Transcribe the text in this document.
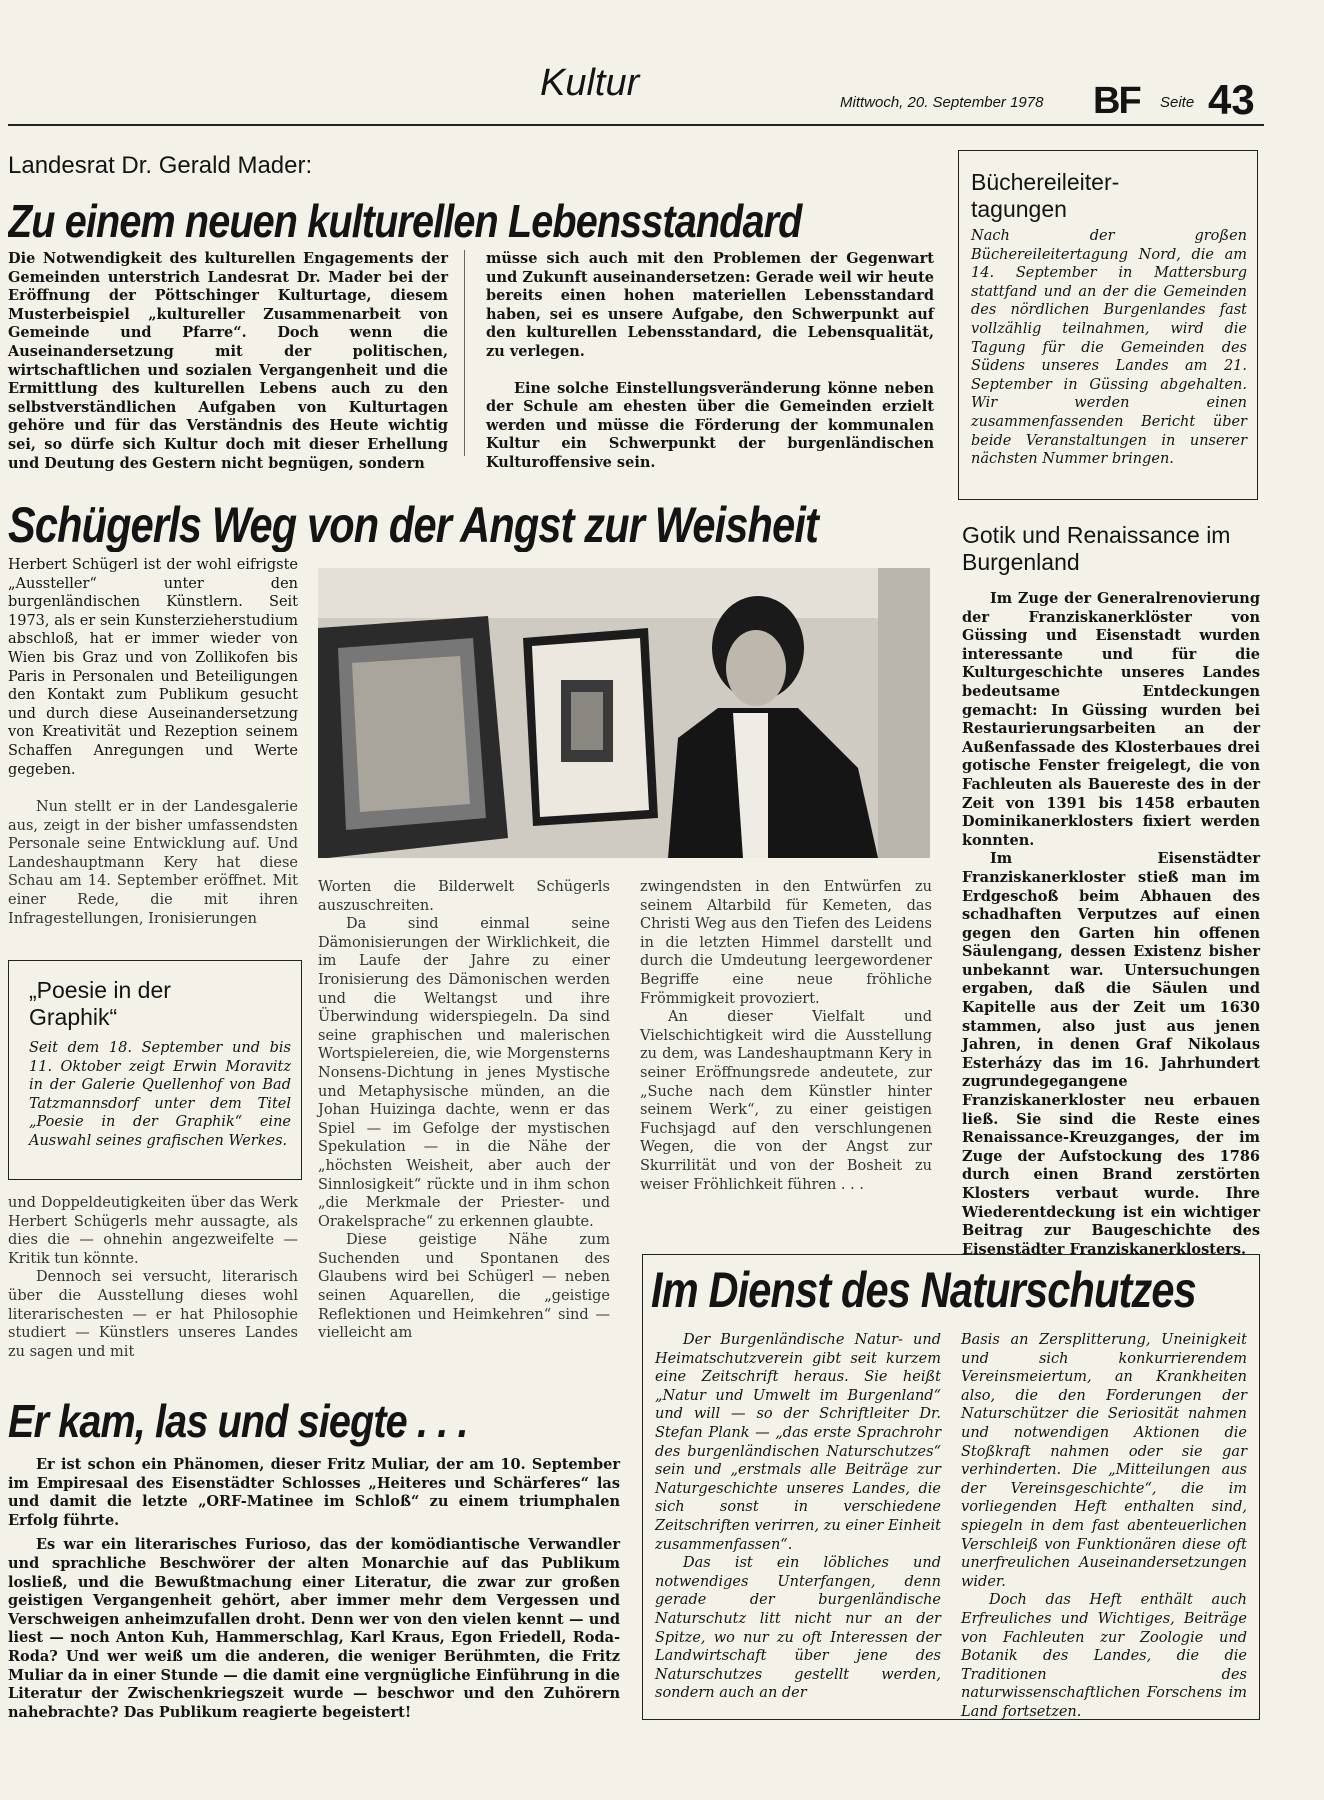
Kultur	Mittwoch, 20. September 1978 BF Seite 43
Landesrat Dr. Gerald Mader:
Zu einem neuen kulturellen Lebensstandard
Die Notwendigkeit des kulturellen Engagements der Gemeinden unterstrich Landesrat Dr. Mader bei der Eröffnung der Pöttschinger Kulturtage, diesem Musterbeispiel „kultureller Zusammenarbeit von Gemeinde und Pfarre“. Doch wenn die Auseinandersetzung mit der politischen, wirtschaftlichen und sozialen Vergangenheit und die Ermittlung des kulturellen Lebens auch zu den selbstverständlichen Aufgaben von Kulturtagen gehöre und für das Verständnis des Heute wichtig sei, so dürfe sich Kultur doch mit dieser Erhellung und Deutung des Gestern nicht begnügen, sondern

müsse sich auch mit den Problemen der Gegenwart und Zukunft auseinandersetzen: Gerade weil wir heute bereits einen hohen materiellen Lebensstandard haben, sei es unsere Aufgabe, den Schwerpunkt auf den kulturellen Lebensstandard, die Lebensqualität, zu verlegen.

Eine solche Einstellungsveränderung könne neben der Schule am ehesten über die Gemeinden erzielt werden und müsse die Förderung der kommunalen Kultur ein Schwerpunkt der burgenländischen Kulturoffensive sein.

Büchereileiter-tagungen
Nach der großen Büchereileitertagung Nord, die am 14. September in Mattersburg stattfand und an der die Gemeinden des nördlichen Burgenlandes fast vollzählig teilnahmen, wird die Tagung für die Gemeinden des Südens unseres Landes am 21. September in Güssing abgehalten. Wir werden einen zusammenfassenden Bericht über beide Veranstaltungen in unserer nächsten Nummer bringen.
Gotik und Renaissance im Burgenland

Im Zuge der Generalrenovierung der Franziskanerklöster von Güssing und Eisenstadt wurden interessante und für die Kulturgeschichte unseres Landes bedeutsame Entdeckungen gemacht: In Güssing wurden bei Restaurierungsarbeiten an der Außenfassade des Klosterbaues drei gotische Fenster freigelegt, die von Fachleuten als Bauereste des in der Zeit von 1391 bis 1458 erbauten Dominikanerklosters fixiert werden konnten.

Im Eisenstädter Franziskanerkloster stieß man im Erdgeschoß beim Abhauen des schadhaften Verputzes auf einen gegen den Garten hin offenen Säulengang, dessen Existenz bisher unbekannt war. Untersuchungen ergaben, daß die Säulen und Kapitelle aus der Zeit um 1630 stammen, also just aus jenen Jahren, in denen Graf Nikolaus Esterházy das im 16. Jahrhundert zugrundegegangene Franziskanerkloster neu erbauen ließ. Sie sind die Reste eines Renaissance-Kreuzganges, der im Zuge der Aufstockung des 1786 durch einen Brand zerstörten Klosters verbaut wurde. Ihre Wiederentdeckung ist ein wichtiger Beitrag zur Baugeschichte des Eisenstädter Franziskanerklosters.

Schügerls Weg von der Angst zur Weisheit
Herbert Schügerl ist der wohl eifrigste „Aussteller“ unter den burgenländischen Künstlern. Seit 1973, als er sein Kunsterzieherstudium abschloß, hat er immer wieder von Wien bis Graz und von Zollikofen bis Paris in Personalen und Beteiligungen den Kontakt zum Publikum gesucht und durch diese Auseinandersetzung von Kreativität und Rezeption seinem Schaffen Anregungen und Werte gegeben.
Nun stellt er in der Landesgalerie aus, zeigt in der bisher umfassendsten Personale seine Entwicklung auf. Und Landeshauptmann Kery hat diese Schau am 14. September eröffnet. Mit einer Rede, die mit ihren Infragestellungen, Ironisierungen

Worten die Bilderwelt Schügerls auszuschreiten.

Da sind einmal seine Dämonisierungen der Wirklichkeit, die im Laufe der Jahre zu einer Ironisierung des Dämonischen werden und die Weltangst und ihre Überwindung widerspiegeln. Da sind seine graphischen und malerischen Wortspielereien, die, wie Morgensterns Nonsens-Dichtung in jenes Mystische und Metaphysische münden, an die Johan Huizinga dachte, wenn er das Spiel — im Gefolge der mystischen Spekulation — in die Nähe der „höchsten Weisheit, aber auch der Sinnlosigkeit“ rückte und in ihm schon „die Merkmale der Priester- und Orakelsprache“ zu erkennen glaubte.

Diese geistige Nähe zum Suchenden und Spontanen des Glaubens wird bei Schügerl — neben seinen Aquarellen, die „geistige Reflektionen und Heimkehren“ sind — vielleicht am

zwingendsten in den Entwürfen zu seinem Altarbild für Kemeten, das Christi Weg aus den Tiefen des Leidens in die letzten Himmel darstellt und durch die Umdeutung leergewordener Begriffe eine neue fröhliche Frömmigkeit provoziert.

An dieser Vielfalt und Vielschichtigkeit wird die Ausstellung zu dem, was Landeshauptmann Kery in seiner Eröffnungsrede andeutete, zur „Suche nach dem Künstler hinter seinem Werk“, zu einer geistigen Fuchsjagd auf den verschlungenen Wegen, die von der Angst zur Skurrilität und von der Bosheit zu weiser Fröhlichkeit führen . . .

„Poesie in der Graphik“
Seit dem 18. September und bis 11. Oktober zeigt Erwin Moravitz in der Galerie Quellenhof von Bad Tatzmannsdorf unter dem Titel „Poesie in der Graphik“ eine Auswahl seines grafischen Werkes.

und Doppeldeutigkeiten über das Werk Herbert Schügerls mehr aussagte, als dies die — ohnehin angezweifelte — Kritik tun könnte.

Dennoch sei versucht, literarisch über die Ausstellung dieses wohl literarischesten — er hat Philosophie studiert — Künstlers unseres Landes zu sagen und mit

Er kam, las und siegte . . .

Er ist schon ein Phänomen, dieser Fritz Muliar, der am 10. September im Empiresaal des Eisenstädter Schlosses „Heiteres und Schärferes“ las und damit die letzte „ORF-Matinee im Schloß“ zu einem triumphalen Erfolg führte.

Es war ein literarisches Furioso, das der komödiantische Verwandler und sprachliche Beschwörer der alten Monarchie auf das Publikum losließ, und die Bewußtmachung einer Literatur, die zwar zur großen geistigen Vergangenheit gehört, aber immer mehr dem Vergessen und Verschweigen anheimzufallen droht. Denn wer von den vielen kennt — und liest — noch Anton Kuh, Hammerschlag, Karl Kraus, Egon Friedell, Roda-Roda? Und wer weiß um die anderen, die weniger Berühmten, die Fritz Muliar da in einer Stunde — die damit eine vergnügliche Einführung in die Literatur der Zwischenkriegszeit wurde — beschwor und den Zuhörern nahebrachte? Das Publikum reagierte begeistert!

Im Dienst des Naturschutzes

Der Burgenländische Natur- und Heimatschutzverein gibt seit kurzem eine Zeitschrift heraus. Sie heißt „Natur und Umwelt im Burgenland“ und will — so der Schriftleiter Dr. Stefan Plank — „das erste Sprachrohr des burgenländischen Naturschutzes“ sein und „erstmals alle Beiträge zur Naturgeschichte unseres Landes, die sich sonst in verschiedene Zeitschriften verirren, zu einer Einheit zusammenfassen“.

Das ist ein löbliches und notwendiges Unterfangen, denn gerade der burgenländische Naturschutz litt nicht nur an der Spitze, wo nur zu oft Interessen der Landwirtschaft über jene des Naturschutzes gestellt werden, sondern auch an der

Basis an Zersplitterung, Uneinigkeit und sich konkurrierendem Vereinsmeiertum, an Krankheiten also, die den Forderungen der Naturschützer die Seriosität nahmen und notwendigen Aktionen die Stoßkraft nahmen oder sie gar verhinderten. Die „Mitteilungen aus der Vereinsgeschichte“, die im vorliegenden Heft enthalten sind, spiegeln in dem fast abenteuerlichen Verschleiß von Funktionären diese oft unerfreulichen Auseinandersetzungen wider.

Doch das Heft enthält auch Erfreuliches und Wichtiges, Beiträge von Fachleuten zur Zoologie und Botanik des Landes, die die Traditionen des naturwissenschaftlichen Forschens im Land fortsetzen.
